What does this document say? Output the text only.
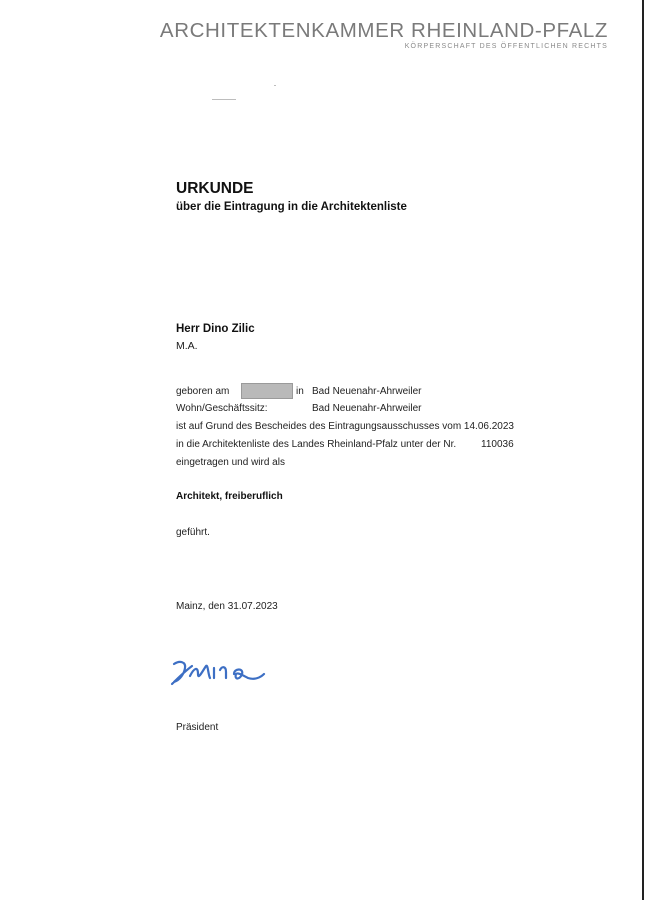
ARCHITEKTENKAMMER RHEINLAND-PFALZ
KÖRPERSCHAFT DES ÖFFENTLICHEN RECHTS
URKUNDE
über die Eintragung in die Architektenliste
Herr Dino Zilic
M.A.
geboren am	in Bad Neuenahr-Ahrweiler
Wohn/Geschäftssitz:	Bad Neuenahr-Ahrweiler
ist auf Grund des Bescheides des Eintragungsausschusses vom 14.06.2023
in die Architektenliste des Landes Rheinland-Pfalz unter der Nr. 110036
eingetragen und wird als
Architekt, freiberuflich
geführt.
Mainz, den 31.07.2023
Präsident
